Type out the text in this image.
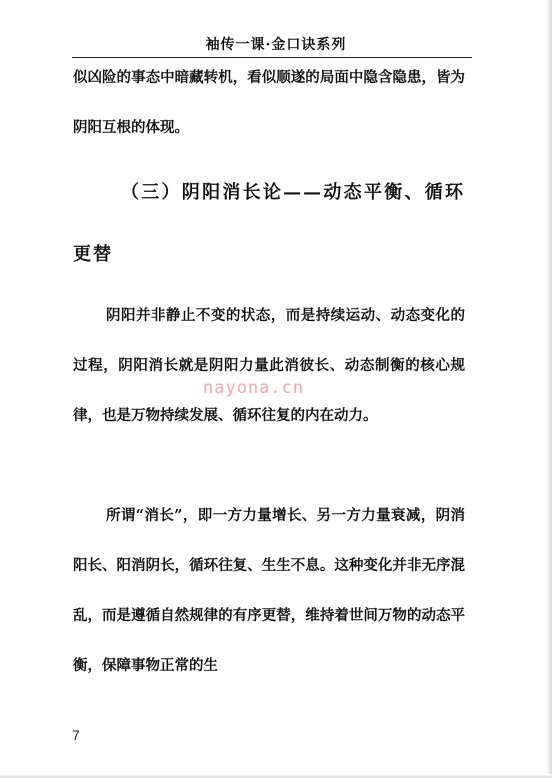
袖传一课·金口诀系列

似凶险的事态中暗藏转机，看似顺遂的局面中隐含隐患，皆为阴阳互根的体现。

（三）阴阳消长论——动态平衡、循环更替

阴阳并非静止不变的状态，而是持续运动、动态变化的过程，阴阳消长就是阴阳力量此消彼长、动态制衡的核心规律，也是万物持续发展、循环往复的内在动力。

所谓“消长”，即一方力量增长、另一方力量衰减，阴消阳长、阳消阴长，循环往复、生生不息。这种变化并非无序混乱，而是遵循自然规律的有序更替，维持着世间万物的动态平衡，保障事物正常的生

nayona.cn
7
